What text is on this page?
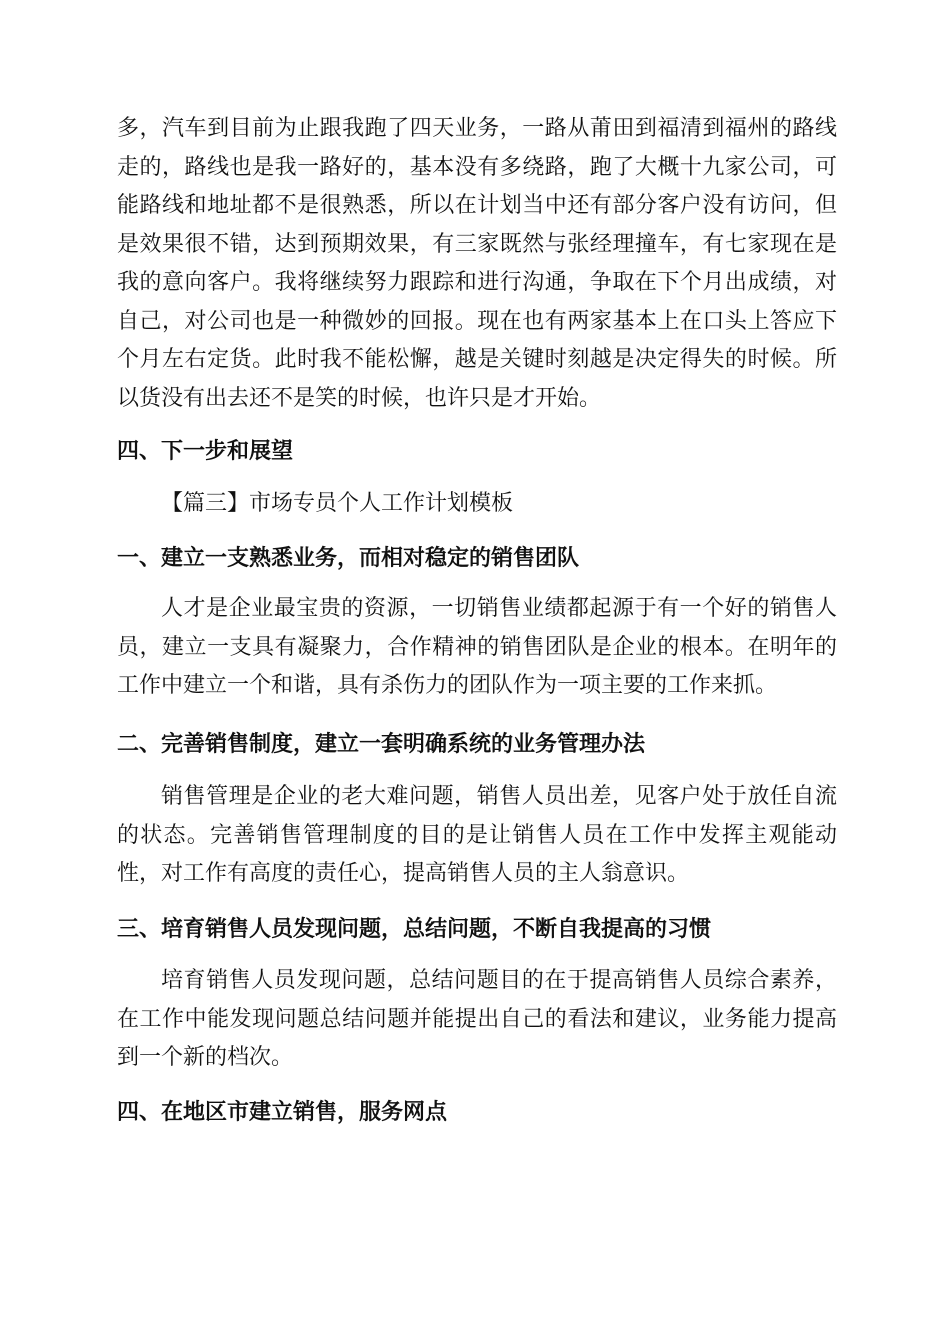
多，汽车到目前为止跟我跑了四天业务，一路从莆田到福清到福州的路线走的，路线也是我一路好的，基本没有多绕路，跑了大概十九家公司，可能路线和地址都不是很熟悉，所以在计划当中还有部分客户没有访问，但是效果很不错，达到预期效果，有三家既然与张经理撞车，有七家现在是我的意向客户。我将继续努力跟踪和进行沟通，争取在下个月出成绩，对自己，对公司也是一种微妙的回报。现在也有两家基本上在口头上答应下个月左右定货。此时我不能松懈，越是关键时刻越是决定得失的时候。所以货没有出去还不是笑的时候，也许只是才开始。

四、下一步和展望

【篇三】市场专员个人工作计划模板

一、建立一支熟悉业务，而相对稳定的销售团队

人才是企业最宝贵的资源，一切销售业绩都起源于有一个好的销售人员，建立一支具有凝聚力，合作精神的销售团队是企业的根本。在明年的工作中建立一个和谐，具有杀伤力的团队作为一项主要的工作来抓。

二、完善销售制度，建立一套明确系统的业务管理办法

销售管理是企业的老大难问题，销售人员出差，见客户处于放任自流的状态。完善销售管理制度的目的是让销售人员在工作中发挥主观能动性，对工作有高度的责任心，提高销售人员的主人翁意识。

三、培育销售人员发现问题，总结问题，不断自我提高的习惯

培育销售人员发现问题，总结问题目的在于提高销售人员综合素养，在工作中能发现问题总结问题并能提出自己的看法和建议，业务能力提高到一个新的档次。

四、在地区市建立销售，服务网点
